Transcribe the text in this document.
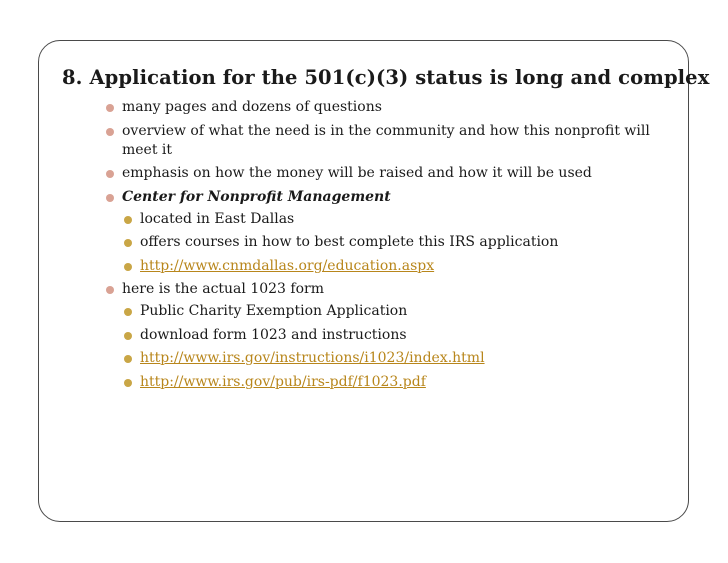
8. Application for the 501(c)(3) status is long and complex
many pages and dozens of questions
overview of what the need is in the community and how this nonprofit will meet it
emphasis on how the money will be raised and how it will be used
Center for Nonprofit Management
located in East Dallas
offers courses in how to best complete this IRS application
http://www.cnmdallas.org/education.aspx
here is the actual 1023 form
Public Charity Exemption Application
download form 1023 and instructions
http://www.irs.gov/instructions/i1023/index.html
http://www.irs.gov/pub/irs-pdf/f1023.pdf
